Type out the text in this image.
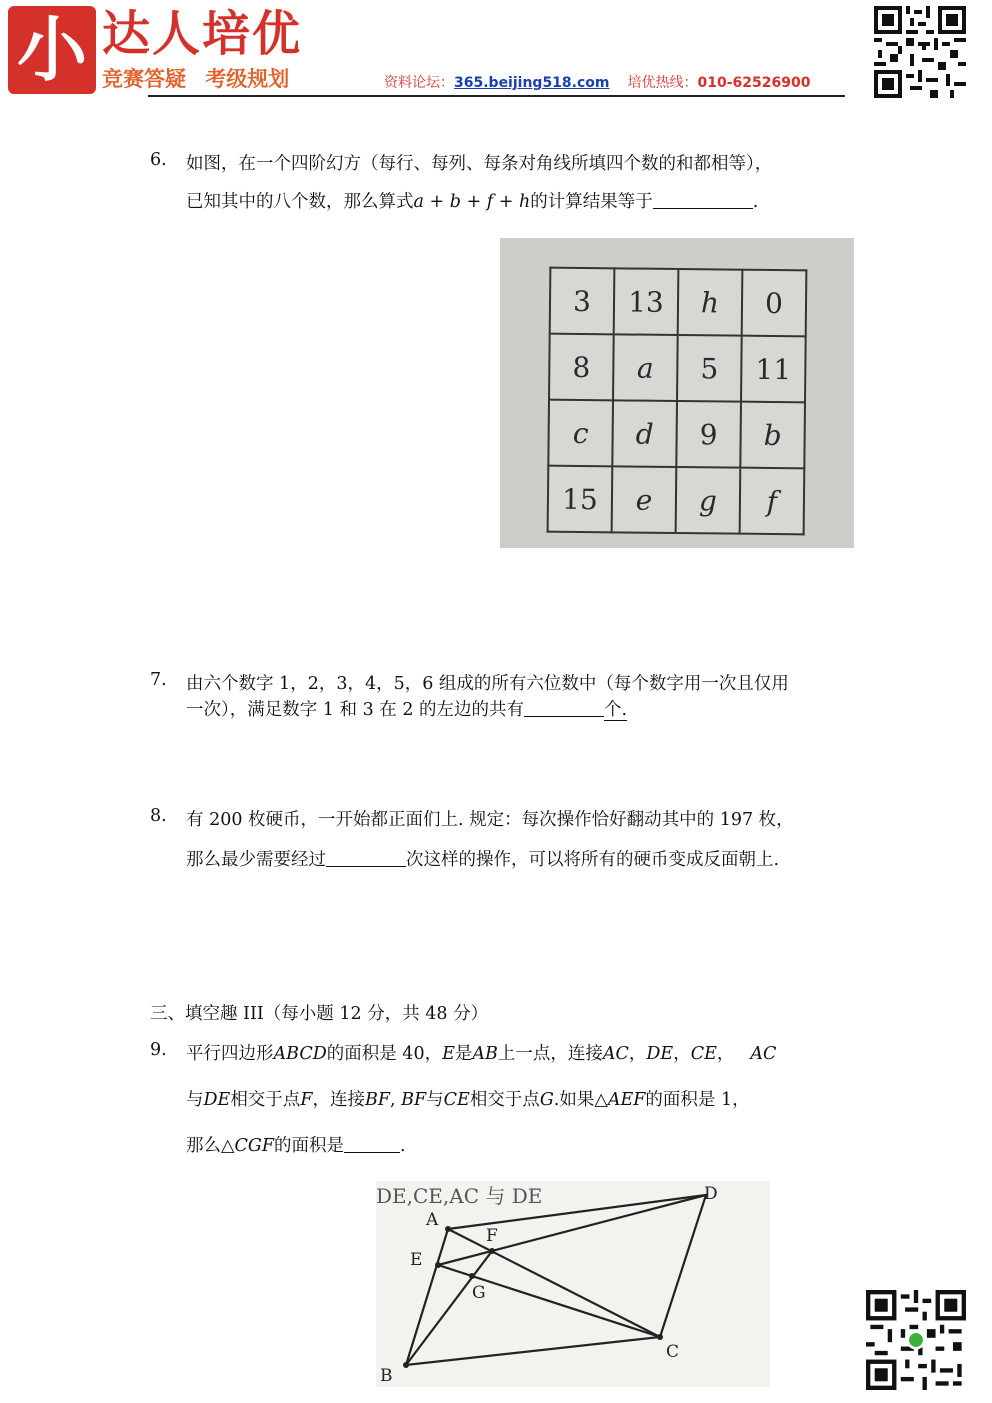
小 达人培优
竞赛答疑 考级规划	资料论坛：365.beijing518.com 培优热线：010-62526900
6. 如图，在一个四阶幻方（每行、每列、每条对角线所填四个数的和都相等），
已知其中的八个数，那么算式a + b + f + h的计算结果等于	.
3	13	h	0
8	a	5	11
c	d	9	b
15	e	g	f
7. 由六个数字 1，2，3，4，5，6 组成的所有六位数中（每个数字用一次且仅用
一次），满足数字 1 和 3 在 2 的左边的共有	个.
8. 有 200 枚硬币，一开始都正面们上. 规定：每次操作恰好翻动其中的 197 枚，
那么最少需要经过	次这样的操作，可以将所有的硬币变成反面朝上.
三、填空趣 III（每小题 12 分，共 48 分）
9. 平行四边形ABCD的面积是 40，E是AB上一点，连接AC，DE，CE， AC
与DE相交于点F，连接BF, BF与CE相交于点G.如果△AEF的面积是 1，
那么△CGF的面积是	.
DE,CE,AC 与 DE
A
D
E
F
G
B
C
